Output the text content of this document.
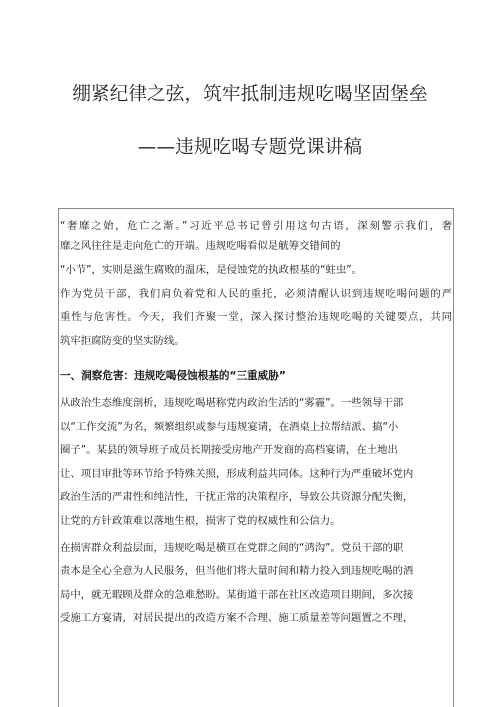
绷紧纪律之弦，筑牢抵制违规吃喝坚固堡垒
——违规吃喝专题党课讲稿
“奢靡之始，危亡之渐。”习近平总书记曾引用这句古语，深刻警示我们，奢
靡之风往往是走向危亡的开端。违规吃喝看似是觥筹交错间的
“小节”，实则是滋生腐败的温床，是侵蚀党的执政根基的“蛀虫”。
作为党员干部，我们肩负着党和人民的重托，必须清醒认识到违规吃喝问题的严
重性与危害性。今天，我们齐聚一堂，深入探讨整治违规吃喝的关键要点，共同
筑牢拒腐防变的坚实防线。
一、洞察危害：违规吃喝侵蚀根基的“三重威胁”
从政治生态维度剖析，违规吃喝堪称党内政治生活的“雾霾”。一些领导干部
以“工作交流”为名，频繁组织或参与违规宴请，在酒桌上拉帮结派、搞“小
圈子”。某县的领导班子成员长期接受房地产开发商的高档宴请，在土地出
让、项目审批等环节给予特殊关照，形成利益共同体。这种行为严重破坏党内
政治生活的严肃性和纯洁性，干扰正常的决策程序，导致公共资源分配失衡，
让党的方针政策难以落地生根，损害了党的权威性和公信力。
在损害群众利益层面，违规吃喝是横亘在党群之间的“鸿沟”。党员干部的职
责本是全心全意为人民服务，但当他们将大量时间和精力投入到违规吃喝的酒
局中，就无暇顾及群众的急难愁盼。某街道干部在社区改造项目期间，多次接
受施工方宴请，对居民提出的改造方案不合理、施工质量差等问题置之不理，
